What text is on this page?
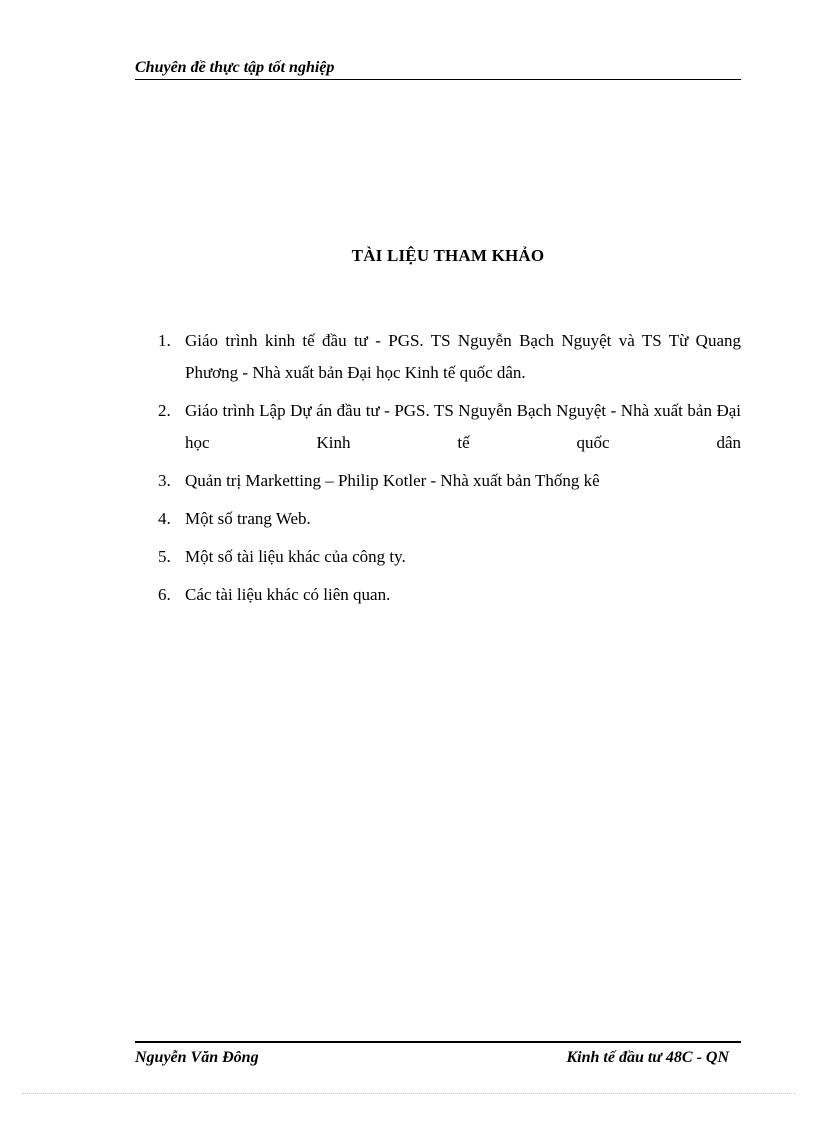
Chuyên đề thực tập tốt nghiệp
TÀI LIỆU THAM KHẢO
1. Giáo trình kinh tế đầu tư - PGS. TS Nguyễn Bạch Nguyệt và TS Từ Quang Phương - Nhà xuất bản Đại học Kinh tế quốc dân.
2. Giáo trình Lập Dự án đầu tư - PGS. TS Nguyễn Bạch Nguyệt - Nhà xuất bản Đại học Kinh tế quốc dân
3. Quản trị Marketting – Philip Kotler - Nhà xuất bản Thống kê
4. Một số trang Web.
5. Một số tài liệu khác của công ty.
6. Các tài liệu khác có liên quan.
Nguyễn Văn Đông	Kinh tế đầu tư 48C - QN
